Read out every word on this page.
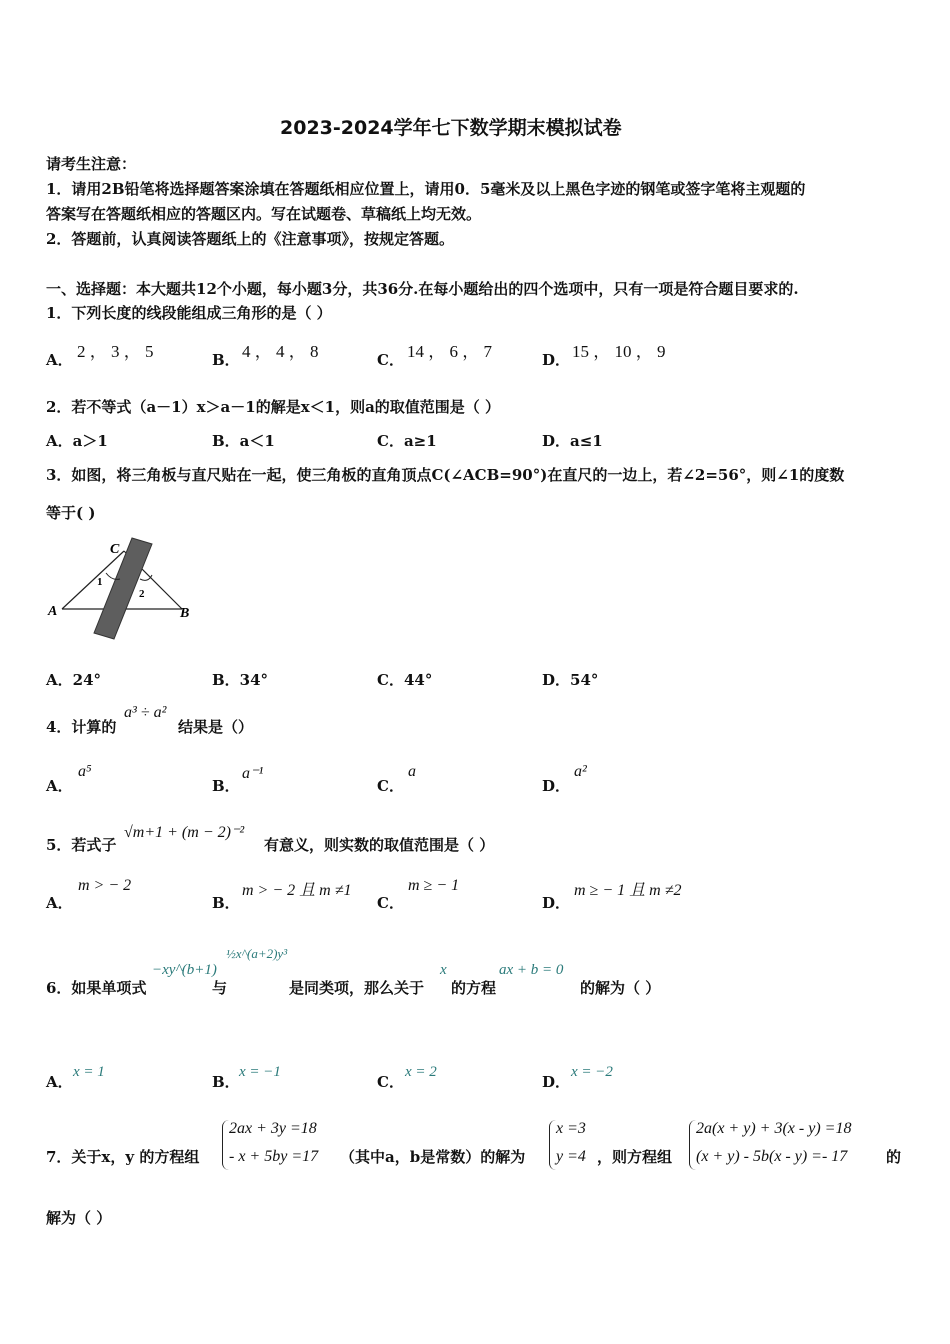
2023-2024学年七下数学期末模拟试卷
请考生注意：
1．请用2B铅笔将选择题答案涂填在答题纸相应位置上，请用0．5毫米及以上黑色字迹的钢笔或签字笔将主观题的
答案写在答题纸相应的答题区内。写在试题卷、草稿纸上均无效。
2．答题前，认真阅读答题纸上的《注意事项》，按规定答题。
一、选择题：本大题共12个小题，每小题3分，共36分.在每小题给出的四个选项中，只有一项是符合题目要求的.
1．下列长度的线段能组成三角形的是（ ）
A． 2 ， 3 ， 5	B． 4 ， 4 ， 8	C． 14 ， 6 ， 7	D． 15 ， 10 ， 9
2．若不等式（a－1）x＞a－1的解是x＜1，则a的取值范围是（ ）
A．a＞1	B．a＜1	C．a≥1	D．a≤1
3．如图，将三角板与直尺贴在一起，使三角板的直角顶点C(∠ACB=90°)在直尺的一边上，若∠2=56°，则∠1的度数
等于( )
C
A	B
1
2
A．24°	B．34°	C．44°	D．54°
4．计算的
a³ ÷ a²
结果是（）
A．
a⁵
B．
a⁻¹
C．
a
D．
a²
5．若式子
√m+1 + (m − 2)⁻²
有意义，则实数的取值范围是（ ）
A．
m > − 2
B．
m > − 2 且 m ≠1
C．
m ≥ − 1
D．
m ≥ − 1 且 m ≠2
6．如果单项式
−xy^(b+1)
与
½x^(a+2)y³
是同类项，那么关于
x
的方程
ax + b = 0
的解为（ ）
A．
x = 1
B．
x = −1
C．
x = 2
D．
x = −2
7．关于x，y 的方程组
2ax + 3y =18
- x + 5by =17 （其中a，b是常数）的解为
x =3
y =4 ，则方程组
2a(x + y) + 3(x - y) =18
(x + y) - 5b(x - y) =- 17	的
解为（ ）
